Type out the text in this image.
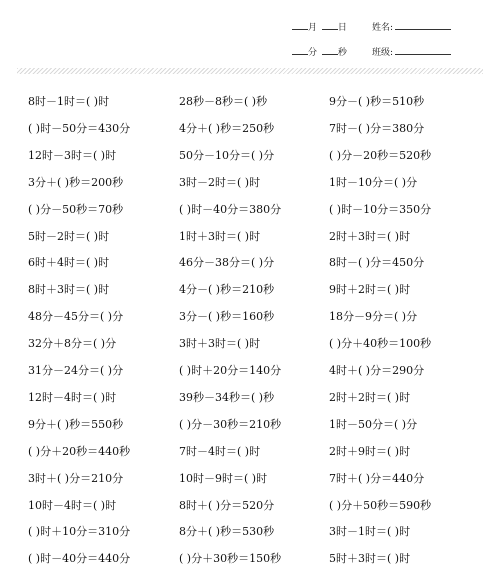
月 日	姓名:
分 秒	班级:
8时－1时＝( )时	28秒－8秒＝( )秒	9分－( )秒＝510秒
( )时－50分＝430分	4分＋( )秒＝250秒	7时－( )分＝380分
12时－3时＝( )时	50分－10分＝( )分	( )分－20秒＝520秒
3分＋( )秒＝200秒	3时－2时＝( )时	1时－10分＝( )分
( )分－50秒＝70秒	( )时－40分＝380分	( )时－10分＝350分
5时－2时＝( )时	1时＋3时＝( )时	2时＋3时＝( )时
6时＋4时＝( )时	46分－38分＝( )分	8时－( )分＝450分
8时＋3时＝( )时	4分－( )秒＝210秒	9时＋2时＝( )时
48分－45分＝( )分	3分－( )秒＝160秒	18分－9分＝( )分
32分＋8分＝( )分	3时＋3时＝( )时	( )分＋40秒＝100秒
31分－24分＝( )分	( )时＋20分＝140分	4时＋( )分＝290分
12时－4时＝( )时	39秒－34秒＝( )秒	2时＋2时＝( )时
9分＋( )秒＝550秒	( )分－30秒＝210秒	1时－50分＝( )分
( )分＋20秒＝440秒	7时－4时＝( )时	2时＋9时＝( )时
3时＋( )分＝210分	10时－9时＝( )时	7时＋( )分＝440分
10时－4时＝( )时	8时＋( )分＝520分	( )分＋50秒＝590秒
( )时＋10分＝310分	8分＋( )秒＝530秒	3时－1时＝( )时
( )时－40分＝440分	( )分＋30秒＝150秒	5时＋3时＝( )时
